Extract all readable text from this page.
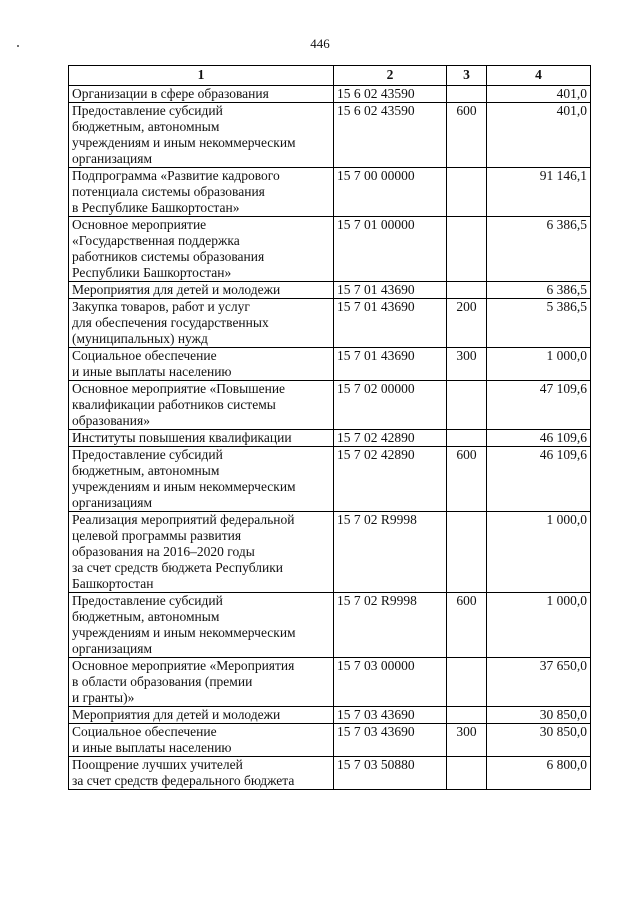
446
1	2	3	4
Организации в сфере образования	15 6 02 43590		401,0
Предоставление субсидий
бюджетным, автономным
учреждениям и иным некоммерческим
организациям	15 6 02 43590	600	401,0
Подпрограмма «Развитие кадрового
потенциала системы образования
в Республике Башкортостан»	15 7 00 00000		91 146,1
Основное мероприятие
«Государственная поддержка
работников системы образования
Республики Башкортостан»	15 7 01 00000		6 386,5
Мероприятия для детей и молодежи	15 7 01 43690		6 386,5
Закупка товаров, работ и услуг
для обеспечения государственных
(муниципальных) нужд	15 7 01 43690	200	5 386,5
Социальное обеспечение
и иные выплаты населению	15 7 01 43690	300	1 000,0
Основное мероприятие «Повышение
квалификации работников системы
образования»	15 7 02 00000		47 109,6
Институты повышения квалификации	15 7 02 42890		46 109,6
Предоставление субсидий
бюджетным, автономным
учреждениям и иным некоммерческим
организациям	15 7 02 42890	600	46 109,6
Реализация мероприятий федеральной
целевой программы развития
образования на 2016–2020 годы
за счет средств бюджета Республики
Башкортостан	15 7 02 R9998		1 000,0
Предоставление субсидий
бюджетным, автономным
учреждениям и иным некоммерческим
организациям	15 7 02 R9998	600	1 000,0
Основное мероприятие «Мероприятия
в области образования (премии
и гранты)»	15 7 03 00000		37 650,0
Мероприятия для детей и молодежи	15 7 03 43690		30 850,0
Социальное обеспечение
и иные выплаты населению	15 7 03 43690	300	30 850,0
Поощрение лучших учителей
за счет средств федерального бюджета	15 7 03 50880		6 800,0
